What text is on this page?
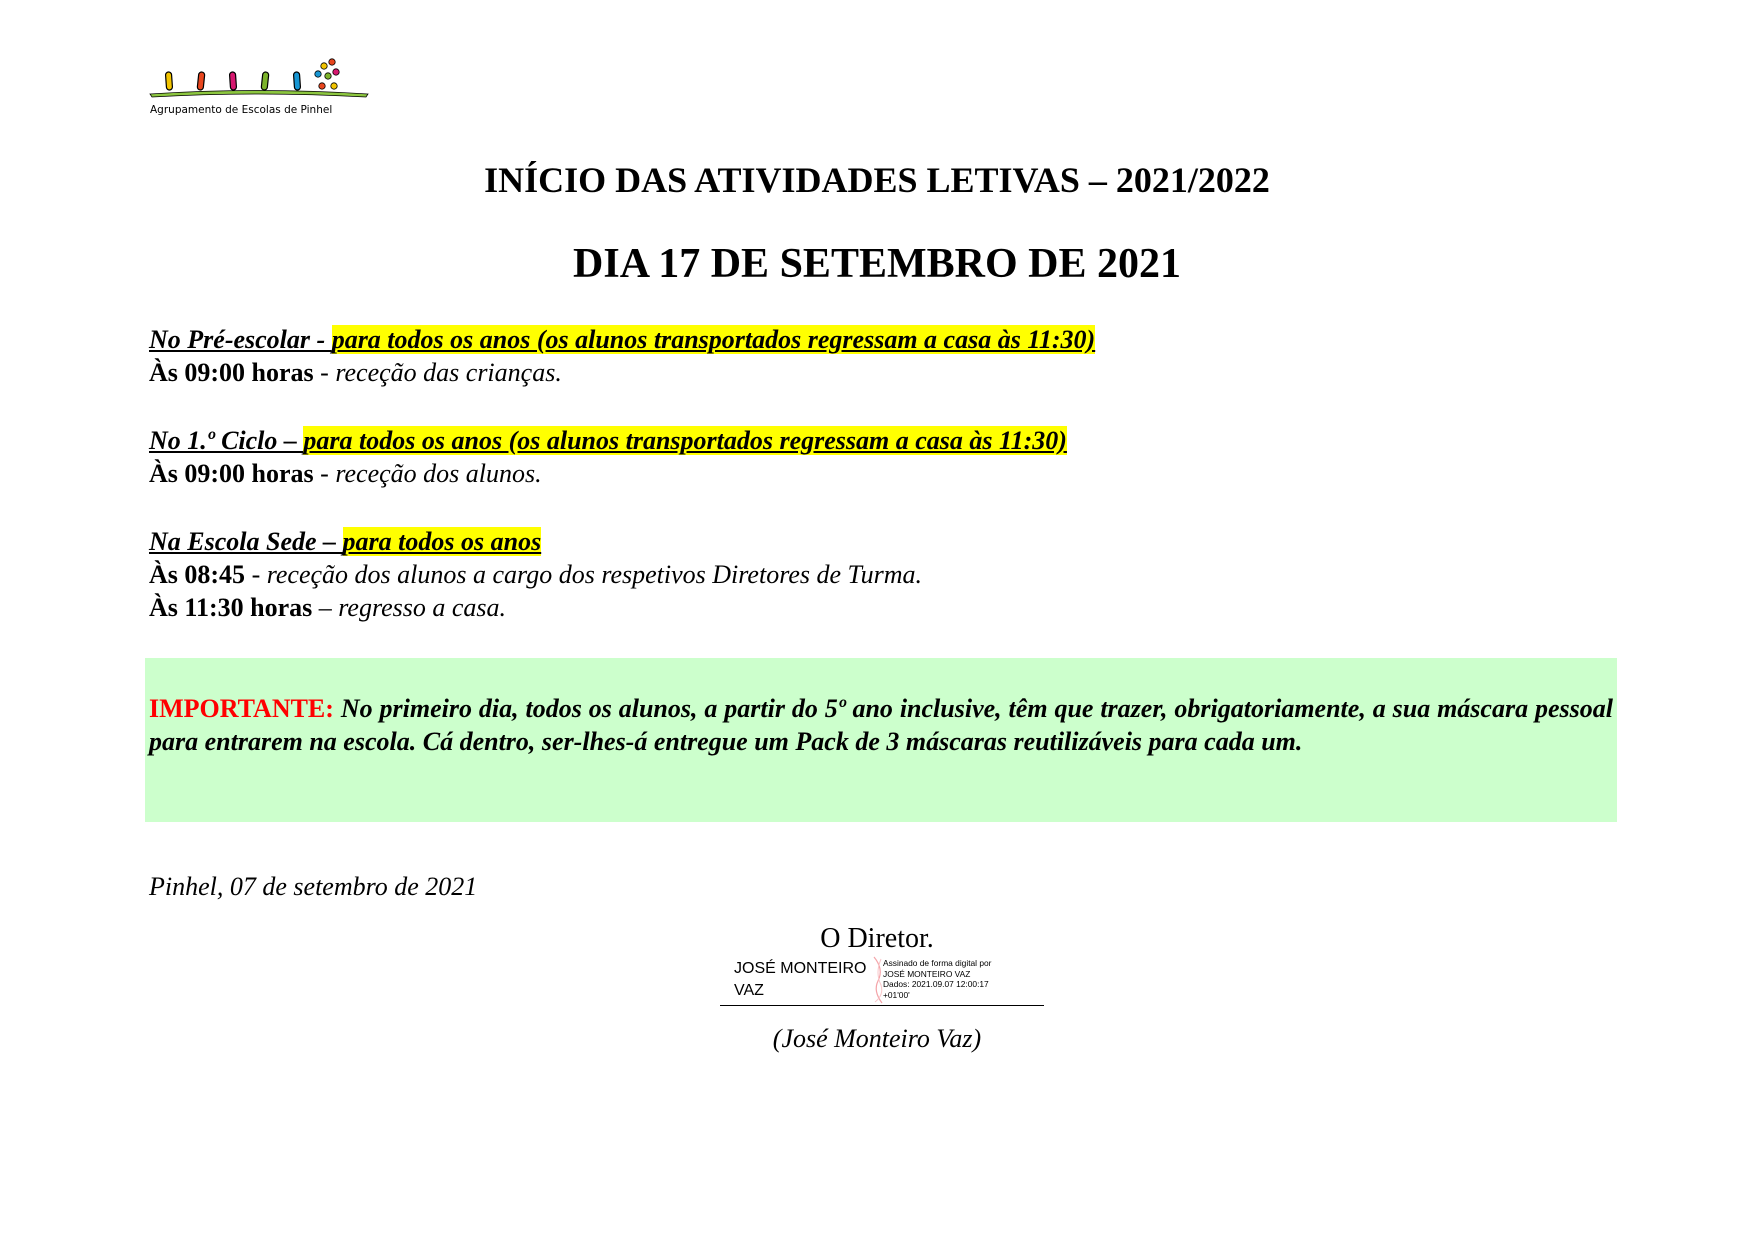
Agrupamento de Escolas de Pinhel
INÍCIO DAS ATIVIDADES LETIVAS – 2021/2022
DIA 17 DE SETEMBRO DE 2021
No Pré-escolar - para todos os anos (os alunos transportados regressam a casa às 11:30)
Às 09:00 horas - receção das crianças.
No 1.º Ciclo – para todos os anos (os alunos transportados regressam a casa às 11:30)
Às 09:00 horas - receção dos alunos.
Na Escola Sede – para todos os anos
Às 08:45 - receção dos alunos a cargo dos respetivos Diretores de Turma.
Às 11:30 horas – regresso a casa.

IMPORTANTE: No primeiro dia, todos os alunos, a partir do 5º ano inclusive, têm que trazer, obrigatoriamente, a sua máscara pessoal para entrarem na escola. Cá dentro, ser-lhes-á entregue um Pack de 3 máscaras reutilizáveis para cada um.

Pinhel, 07 de setembro de 2021
O Diretor.
JOSÉ MONTEIRO VAZ
Assinado de forma digital por
JOSÉ MONTEIRO VAZ
Dados: 2021.09.07 12:00:17
+01'00'
(José Monteiro Vaz)
